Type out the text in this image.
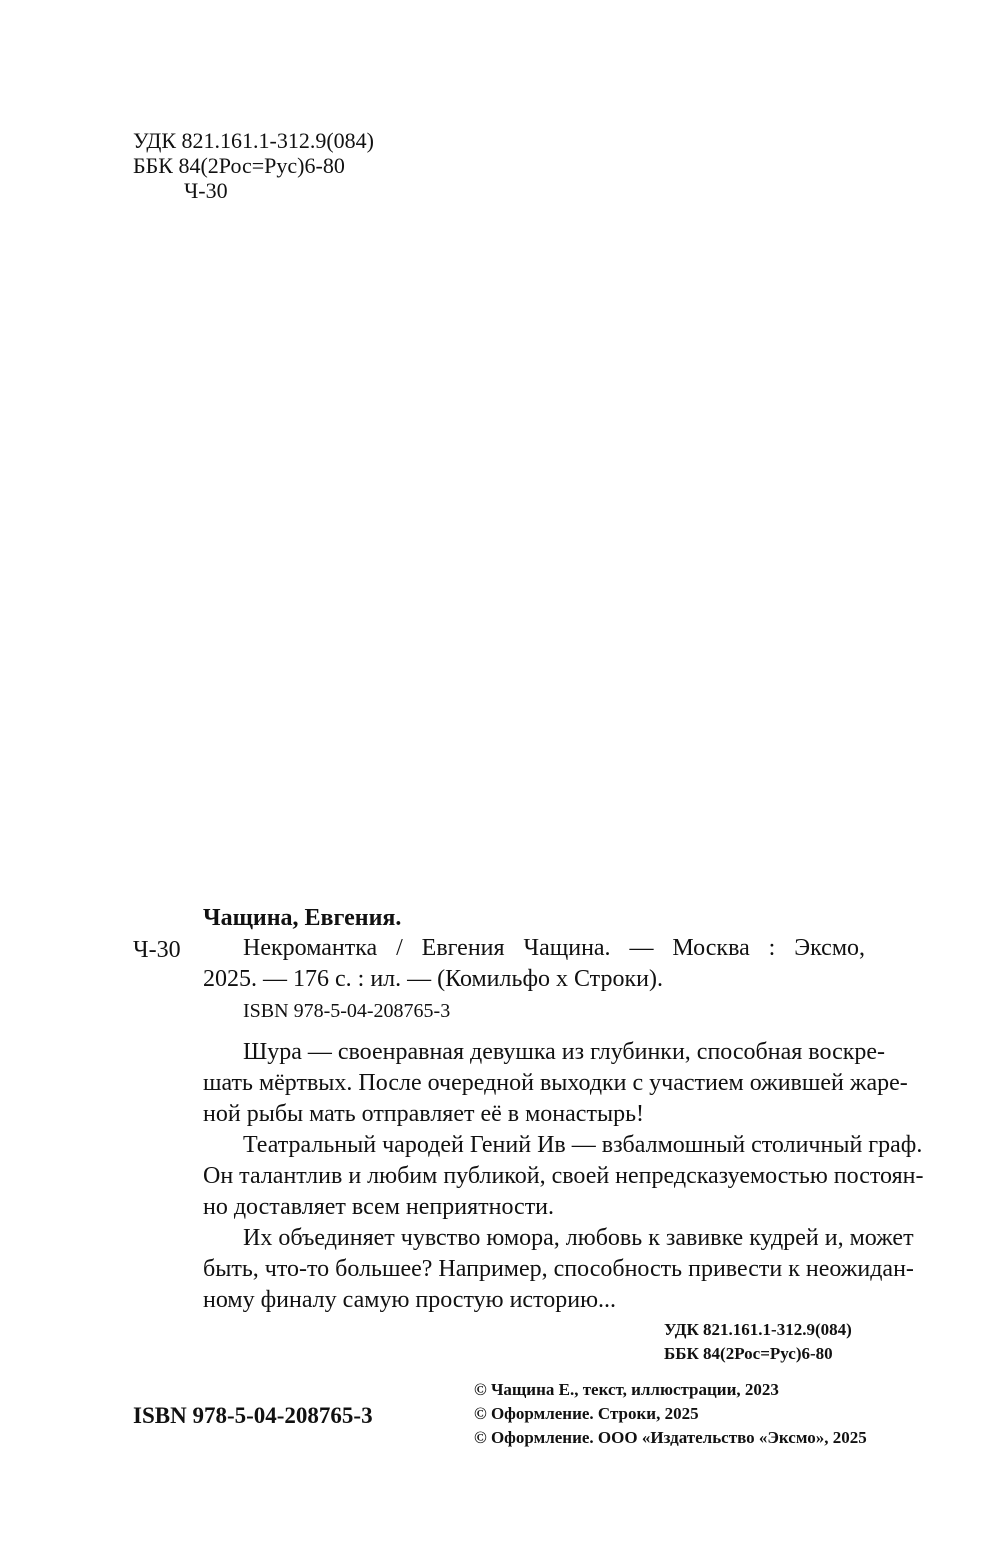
УДК 821.161.1-312.9(084)
ББК 84(2Рос=Рус)6-80
Ч-30
Чащина, Евгения.
Ч-30	Некромантка / Евгения Чащина. — Москва : Эксмо,
2025. — 176 с. : ил. — (Комильфо х Строки).
ISBN 978-5-04-208765-3
Шура — своенравная девушка из глубинки, способная воскре-
шать мёртвых. После очередной выходки с участием ожившей жаре-
ной рыбы мать отправляет её в монастырь!
Театральный чародей Гений Ив — взбалмошный столичный граф.
Он талантлив и любим публикой, своей непредсказуемостью постоян-
но доставляет всем неприятности.
Их объединяет чувство юмора, любовь к завивке кудрей и, может
быть, что-то большее? Например, способность привести к неожидан-
ному финалу самую простую историю...
УДК 821.161.1-312.9(084)
ББК 84(2Рос=Рус)6-80
ISBN 978-5-04-208765-3
© Чащина Е., текст, иллюстрации, 2023
© Оформление. Строки, 2025
© Оформление. ООО «Издательство «Эксмо», 2025
